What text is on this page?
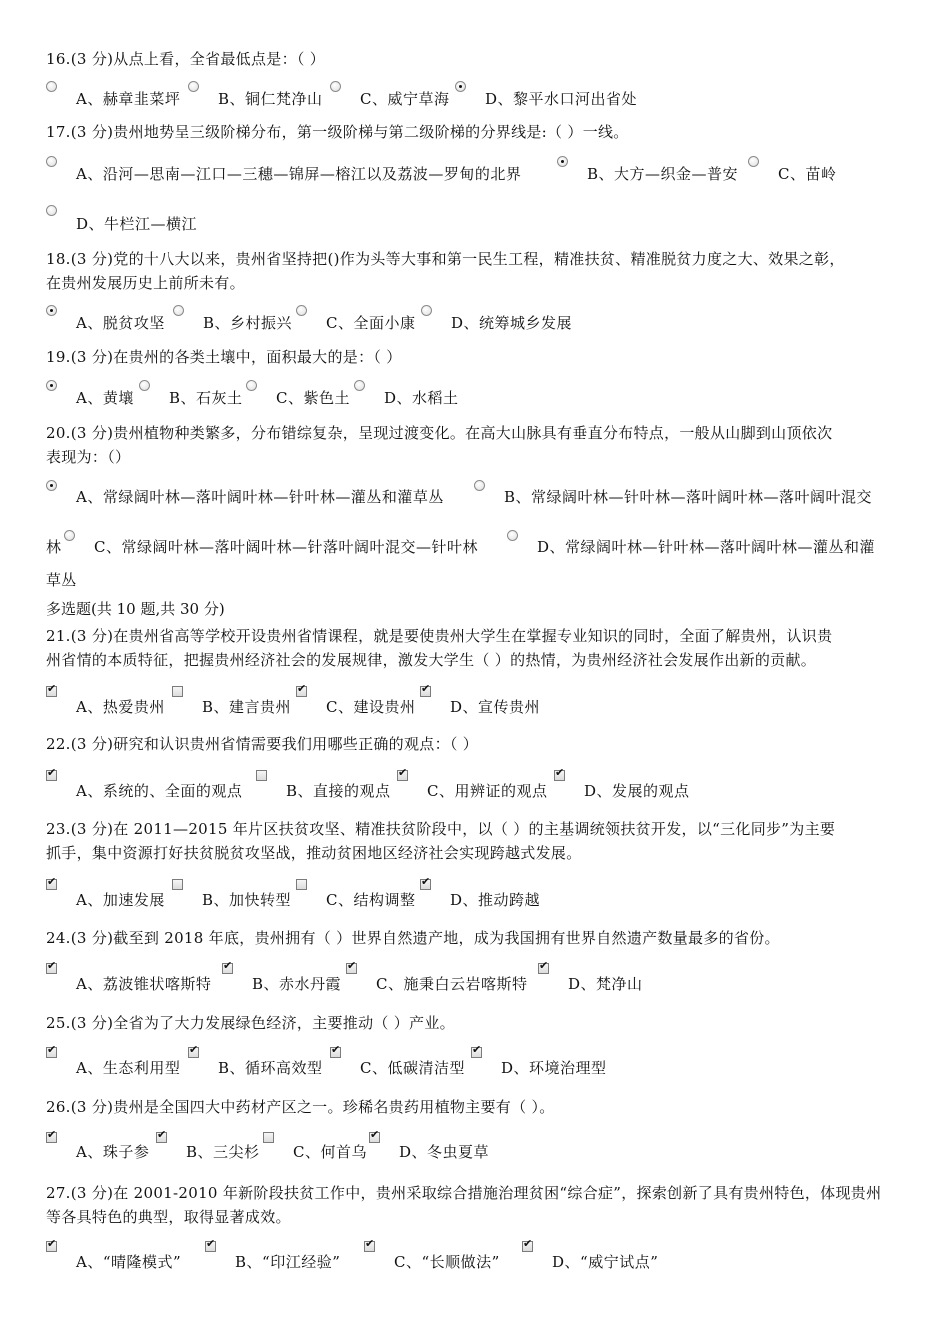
16.(3 分)从点上看，全省最低点是：（ ）
A、赫章韭菜坪	B、铜仁梵净山 C、威宁草海 D、黎平水口河出省处
17.(3 分)贵州地势呈三级阶梯分布，第一级阶梯与第二级阶梯的分界线是:（ ）一线。
A、沿河—思南—江口—三穗—锦屏—榕江以及荔波—罗甸的北界	B、大方—织金—普安	C、苗岭
D、牛栏江—横江
18.(3 分)党的十八大以来，贵州省坚持把()作为头等大事和第一民生工程，精准扶贫、精准脱贫力度之大、效果之彰，
在贵州发展历史上前所未有。
A、脱贫攻坚	B、乡村振兴 C、全面小康 D、统筹城乡发展
19.(3 分)在贵州的各类土壤中，面积最大的是：（ ）
A、黄壤 B、石灰土 C、紫色土 D、水稻土
20.(3 分)贵州植物种类繁多，分布错综复杂，呈现过渡变化。在高大山脉具有垂直分布特点，一般从山脚到山顶依次
表现为：（）
A、常绿阔叶林—落叶阔叶林—针叶林—灌丛和灌草丛	B、常绿阔叶林—针叶林—落叶阔叶林—落叶阔叶混交
林 C、常绿阔叶林—落叶阔叶林—针落叶阔叶混交—针叶林	D、常绿阔叶林—针叶林—落叶阔叶林—灌丛和灌
草丛
21.(3 分)在贵州省高等学校开设贵州省情课程，就是要使贵州大学生在掌握专业知识的同时，全面了解贵州，认识贵
州省情的本质特征，把握贵州经济社会的发展规律，激发大学生（ ）的热情，为贵州经济社会发展作出新的贡献。
✔
A、热爱贵州 B、建言贵州
✔ C、建设贵州
✔ D、宣传贵州
22.(3 分)研究和认识贵州省情需要我们用哪些正确的观点：（ ）
✔
A、系统的、全面的观点	B、直接的观点
✔ C、用辨证的观点
✔ D、发展的观点
23.(3 分)在 2011—2015 年片区扶贫攻坚、精准扶贫阶段中，以（ ）的主基调统领扶贫开发，以“三化同步”为主要
抓手，集中资源打好扶贫脱贫攻坚战，推动贫困地区经济社会实现跨越式发展。
✔
A、加速发展 B、加快转型 C、结构调整
✔ D、推动跨越
24.(3 分)截至到 2018 年底，贵州拥有（ ）世界自然遗产地，成为我国拥有世界自然遗产数量最多的省份。
✔
A、荔波锥状喀斯特
✔	B、赤水丹霞
✔ C、施秉白云岩喀斯特
✔	D、梵净山
25.(3 分)全省为了大力发展绿色经济，主要推动（ ）产业。
✔
A、生态利用型
✔	B、循环高效型
✔ C、低碳清洁型
✔ D、环境治理型
26.(3 分)贵州是全国四大中药材产区之一。珍稀名贵药用植物主要有（ ）。
✔
A、珠子参
✔ B、三尖杉 C、何首乌
✔ D、冬虫夏草
27.(3 分)在 2001-2010 年新阶段扶贫工作中，贵州采取综合措施治理贫困“综合症”，探索创新了具有贵州特色，体现贵州
等各具特色的典型，取得显著成效。
✔
A、“晴隆模式”
✔	B、“印江经验”
✔	C、“长顺做法”
✔	D、“威宁试点”
多选题(共 10 题,共 30 分)
